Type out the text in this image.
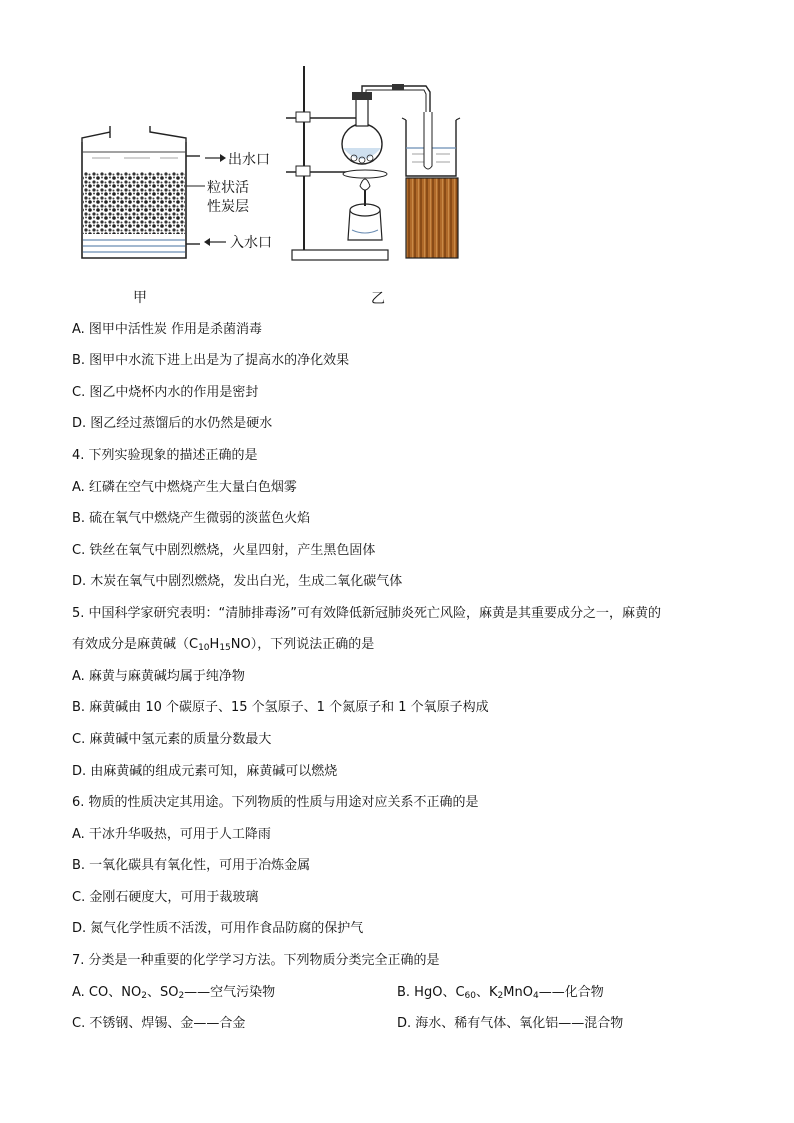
出水口
粒状活
性炭层
入水口
甲	乙
A. 图甲中活性炭 作用是杀菌消毒
B. 图甲中水流下进上出是为了提高水的净化效果
C. 图乙中烧杯内水的作用是密封
D. 图乙经过蒸馏后的水仍然是硬水
4. 下列实验现象的描述正确的是
A. 红磷在空气中燃烧产生大量白色烟雾
B. 硫在氧气中燃烧产生微弱的淡蓝色火焰
C. 铁丝在氧气中剧烈燃烧，火星四射，产生黑色固体
D. 木炭在氧气中剧烈燃烧，发出白光，生成二氧化碳气体
5. 中国科学家研究表明：“清肺排毒汤”可有效降低新冠肺炎死亡风险，麻黄是其重要成分之一，麻黄的
有效成分是麻黄碱$(C_{10}H_{15}NO)$，下列说法正确的是
A. 麻黄与麻黄碱均属于纯净物
B. 麻黄碱由 10 个碳原子、15 个氢原子、1 个氮原子和 1 个氧原子构成
C. 麻黄碱中氢元素的质量分数最大
D. 由麻黄碱的组成元素可知，麻黄碱可以燃烧
6. 物质的性质决定其用途。下列物质的性质与用途对应关系不正确的是
A. 干冰升华吸热，可用于人工降雨
B. 一氧化碳具有氧化性，可用于冶炼金属
C. 金刚石硬度大，可用于裁玻璃
D. 氮气化学性质不活泼，可用作食品防腐的保护气
7. 分类是一种重要的化学学习方法。下列物质分类完全正确的是
A. CO、$NO_2$、$SO_2——$空气污染物	B. HgO、$C_{60}$、$K_2MnO_4——$化合物
C. 不锈钢、焊锡、金——合金	D. 海水、稀有气体、氧化铝——混合物
